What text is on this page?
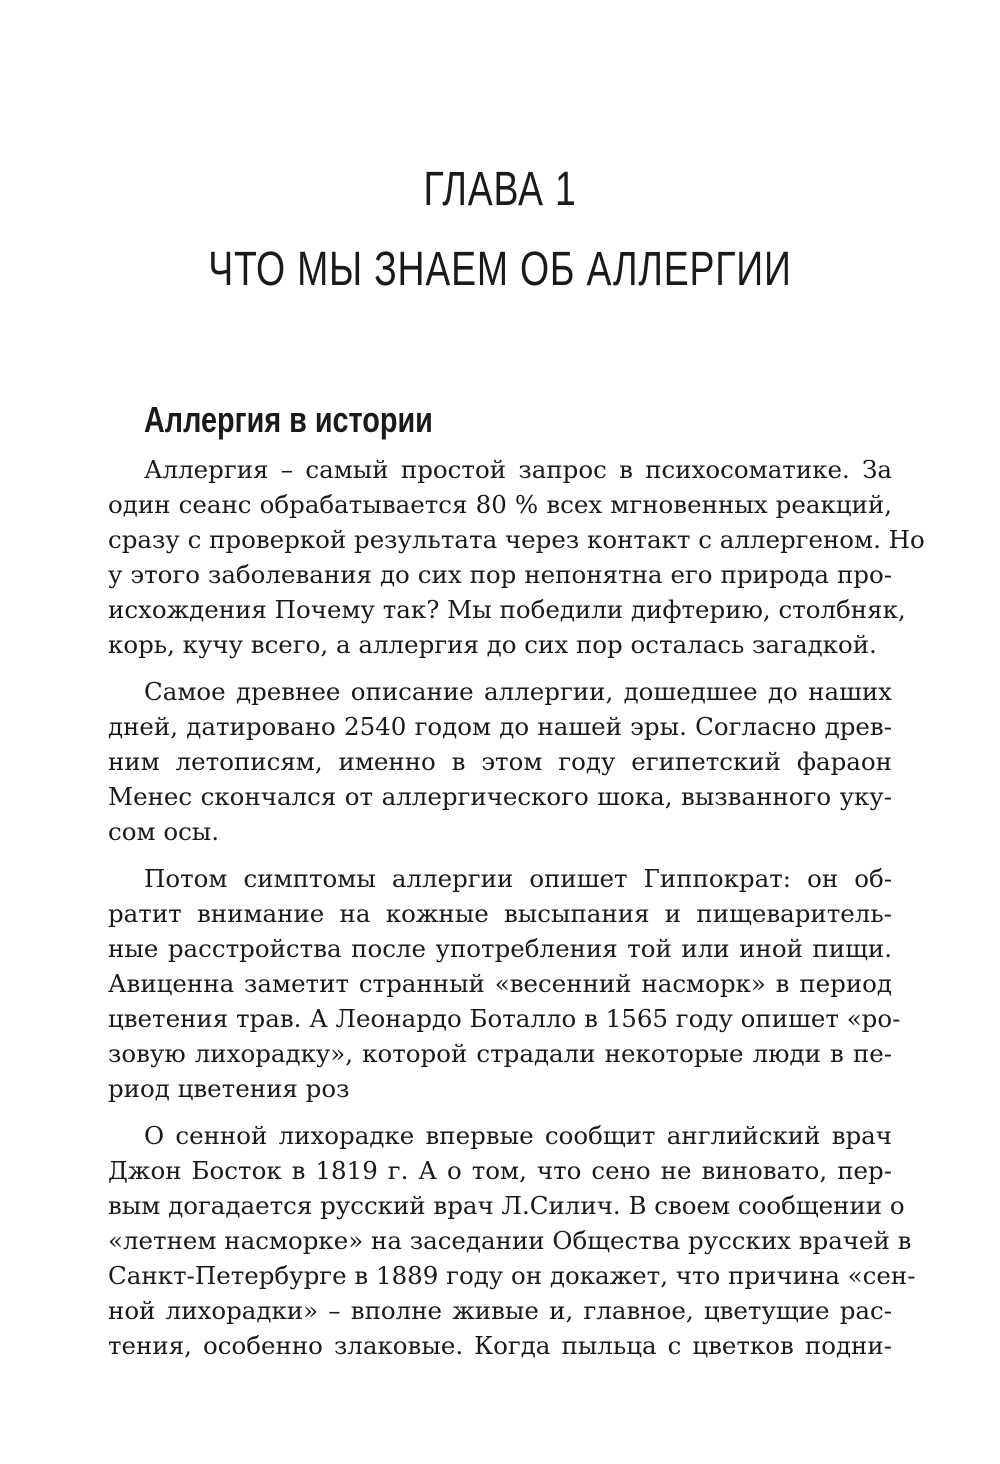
ГЛАВА 1
ЧТО МЫ ЗНАЕМ ОБ АЛЛЕРГИИ
Аллергия в истории
Аллергия – самый простой запрос в психосоматике. За
один сеанс обрабатывается 80 % всех мгновенных реакций,
сразу с проверкой результата через контакт с аллергеном. Но
у этого заболевания до сих пор непонятна его природа про-
исхождения Почему так? Мы победили дифтерию, столбняк,
корь, кучу всего, а аллергия до сих пор осталась загадкой.
Самое древнее описание аллергии, дошедшее до наших
дней, датировано 2540 годом до нашей эры. Согласно древ-
ним летописям, именно в этом году египетский фараон
Менес скончался от аллергического шока, вызванного уку-
сом осы.
Потом симптомы аллергии опишет Гиппократ: он об-
ратит внимание на кожные высыпания и пищеваритель-
ные расстройства после употребления той или иной пищи.
Авиценна заметит странный «весенний насморк» в период
цветения трав. А Леонардо Боталло в 1565 году опишет «ро-
зовую лихорадку», которой страдали некоторые люди в пе-
риод цветения роз
О сенной лихорадке впервые сообщит английский врач
Джон Босток в 1819 г. А о том, что сено не виновато, пер-
вым догадается русский врач Л.Силич. В своем сообщении о
«летнем насморке» на заседании Общества русских врачей в
Санкт-Петербурге в 1889 году он докажет, что причина «сен-
ной лихорадки» – вполне живые и, главное, цветущие рас-
тения, особенно злаковые. Когда пыльца с цветков подни-
